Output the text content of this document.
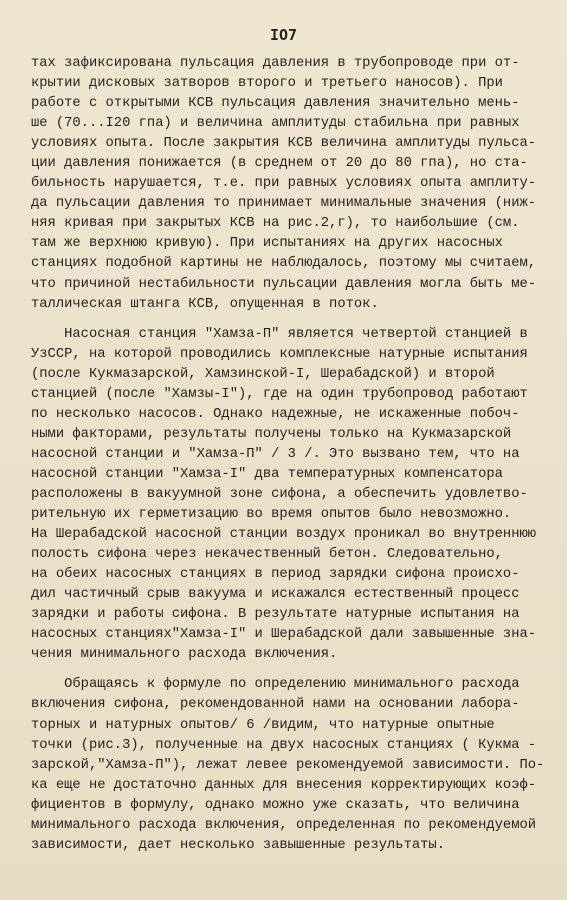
IO7
тах зафиксирована пульсация давления в трубопроводе при от-
крытии дисковых затворов второго и третьего наносов). При
работе с открытыми КСВ пульсация давления значительно мень-
ше (70...I20 гпа) и величина амплитуды стабильна при равных
условиях опыта. После закрытия КСВ величина амплитуды пульса-
ции давления понижается (в среднем от 20 до 80 гпа), но ста-
бильность нарушается, т.е. при равных условиях опыта амплиту-
да пульсации давления то принимает минимальные значения (ниж-
няя кривая при закрытых КСВ на рис.2,г), то наибольшие (см.
там же верхнюю кривую). При испытаниях на других насосных
станциях подобной картины не наблюдалось, поэтому мы считаем,
что причиной нестабильности пульсации давления могла быть ме-
таллическая штанга КСВ, опущенная в поток.
Насосная станция "Хамза-П" является четвертой станцией в
УзССР, на которой проводились комплексные натурные испытания
(после Кукмазарской, Хамзинской-I, Шерабадской) и второй
станцией (после "Хамзы-I"), где на один трубопровод работают
по несколько насосов. Однако надежные, не искаженные побоч-
ными факторами, результаты получены только на Кукмазарской
насосной станции и "Хамза-П" / 3 /. Это вызвано тем, что на
насосной станции "Хамза-I" два температурных компенсатора
расположены в вакуумной зоне сифона, а обеспечить удовлетво-
рительную их герметизацию во время опытов было невозможно.
На Шерабадской насосной станции воздух проникал во внутреннюю
полость сифона через некачественный бетон. Следовательно,
на обеих насосных станциях в период зарядки сифона происхо-
дил частичный срыв вакуума и искажался естественный процесс
зарядки и работы сифона. В результате натурные испытания на
насосных станциях"Хамза-I" и Шерабадской дали завышенные зна-
чения минимального расхода включения.
Обращаясь к формуле по определению минимального расхода
включения сифона, рекомендованной нами на основании лабора-
торных и натурных опытов/ 6 /видим, что натурные опытные
точки (рис.3), полученные на двух насосных станциях ( Кукма -
зарской,"Хамза-П"), лежат левее рекомендуемой зависимости. По-
ка еще не достаточно данных для внесения корректирующих коэф-
фициентов в формулу, однако можно уже сказать, что величина
минимального расхода включения, определенная по рекомендуемой
зависимости, дает несколько завышенные результаты.
